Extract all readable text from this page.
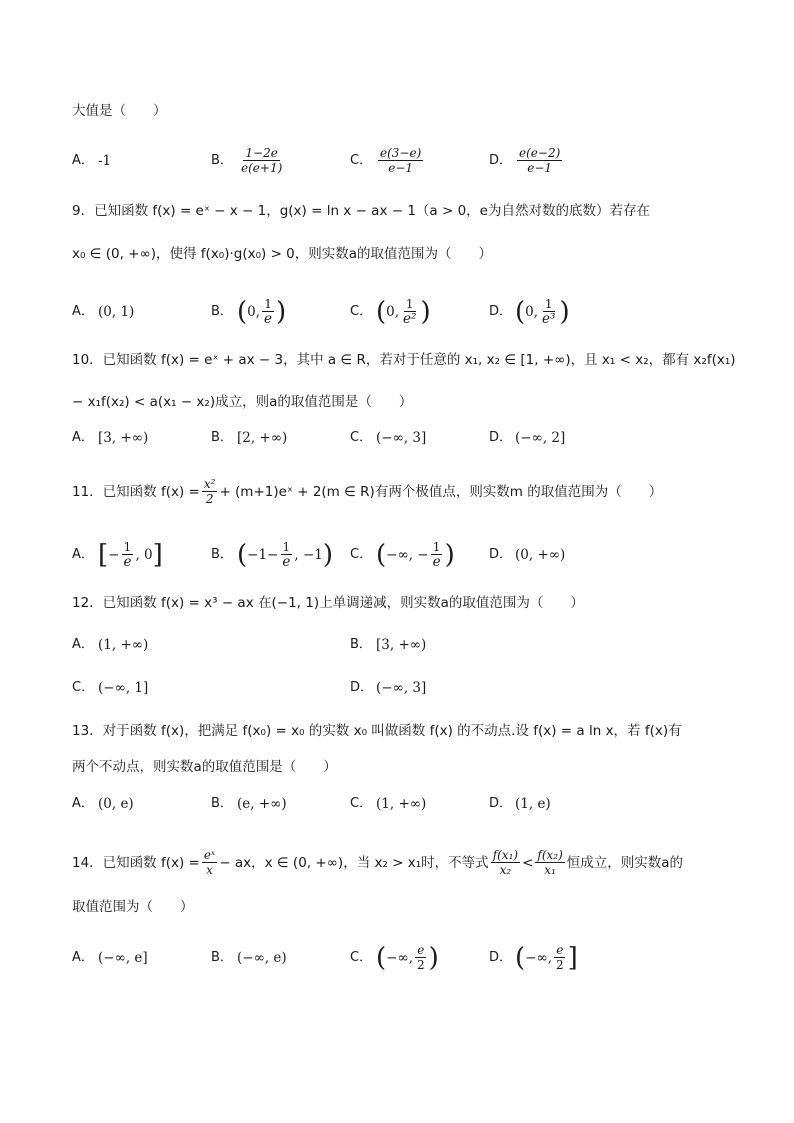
大值是（　　）
A． -1	B． $\frac{1-2e}{e(e+1)}$	C． $\frac{e(3-e)}{e-1}$	D． $\frac{e(e-2)}{e-1}$
9．已知函数 f(x) = eˣ − x − 1，g(x) = ln x − ax − 1（a > 0，e为自然对数的底数）若存在
x₀ ∈ (0, +∞)，使得 f(x₀)·g(x₀) > 0，则实数a的取值范围为（　　）
A． (0, 1)	B． ( 0, $\frac{1}{e}$ )	C． ( 0, $\frac{1}{\text{e²}}$ )	D． ( 0, $\frac{1}{\text{e³}}$ )
10．已知函数 f(x) = eˣ + ax − 3，其中 a ∈ R，若对于任意的 x₁, x₂ ∈ [1, +∞)，且 x₁ < x₂，都有 x₂f(x₁)
− x₁f(x₂) < a(x₁ − x₂)成立，则a的取值范围是（　　）
A． [3, +∞)	B． [2, +∞)	C． (−∞, 3]	D． (−∞, 2]
11．已知函数 $f(x) = \frac{\text{x²}}{2}$ + (m+1)eˣ + 2(m ∈ R)有两个极值点，则实数m 的取值范围为（　　）
A． [ − $\frac{1}{e}$ , 0 ]	B． ( $-1- \frac{1}{e}$ , −1 ) C． ( −∞, − $\frac{1}{e}$ )	D． (0, +∞)
12．已知函数 f(x) = x³ − ax 在(−1, 1)上单调递减，则实数a的取值范围为（　　）
A． (1, +∞)	B． [3, +∞)
C． (−∞, 1]	D． (−∞, 3]
13．对于函数 f(x)，把满足 f(x₀) = x₀ 的实数 x₀ 叫做函数 f(x) 的不动点.设 f(x) = a ln x，若 f(x)有
两个不动点，则实数a的取值范围是（　　）
A． (0, e)	B． (e, +∞)	C． (1, +∞)	D． (1, e)
14．已知函数 $f(x) = \frac{\text{eˣ}}{x}$ − ax，x ∈ (0, +∞)，当 x₂ > x₁时，不等式 $\frac{\text{f(x₁)}}{\text{x₂}} < \frac{\text{f(x₂)}}{\text{x₁}}$ 恒成立，则实数a的
取值范围为（　　）
A． (−∞, e]	B． (−∞, e)	C． ( −∞, $\frac{e}{2}$ )	D． ( −∞, $\frac{e}{2}$ ]
